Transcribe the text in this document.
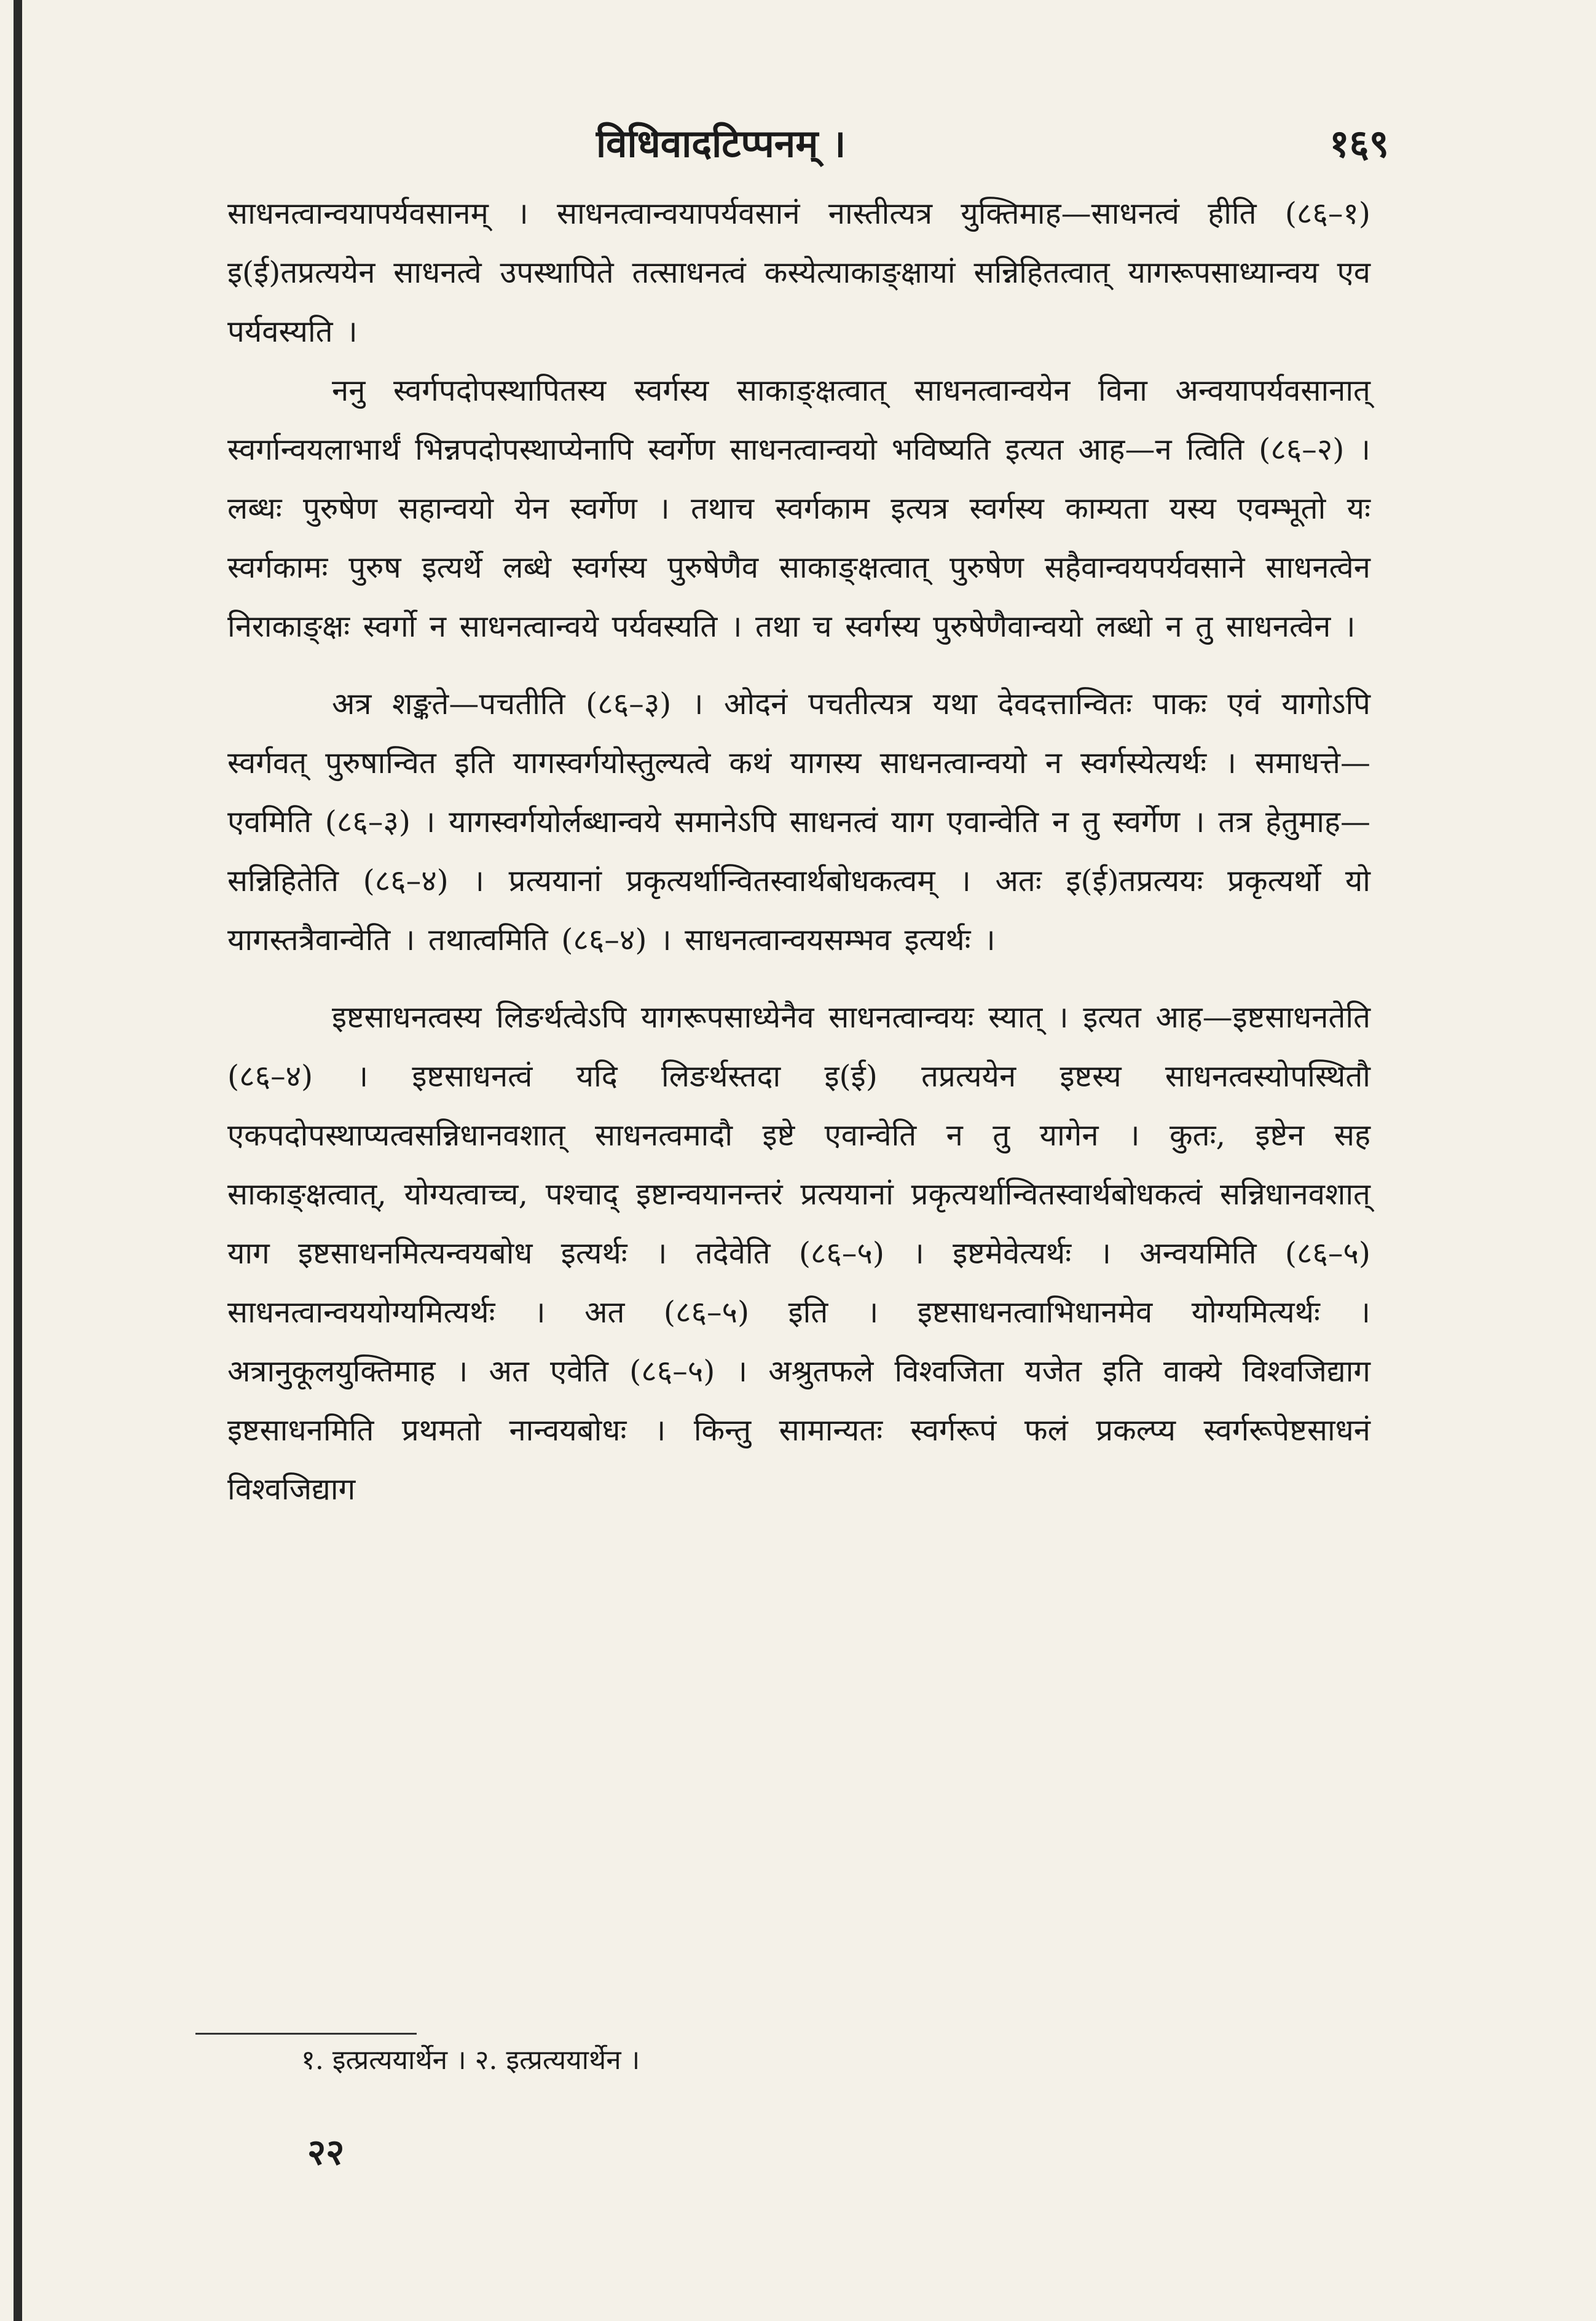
विधिवादटिप्पनम् ।	१६९

साधनत्वान्वयापर्यवसानम् । साधनत्वान्वयापर्यवसानं नास्तीत्यत्र युक्तिमाह—साधनत्वं हीति (८६–१) इ(ई)तप्रत्ययेन साधनत्वे उपस्थापिते तत्साधनत्वं कस्येत्याकाङ्क्षायां सन्निहितत्वात् यागरूपसाध्यान्वय एव पर्यवस्यति ।

ननु स्वर्गपदोपस्थापितस्य स्वर्गस्य साकाङ्क्षत्वात् साधनत्वान्वयेन विना अन्वयापर्यवसानात् स्वर्गान्वयलाभार्थं भिन्नपदोपस्थाप्येनापि स्वर्गेण साधनत्वान्वयो भविष्यति इत्यत आह—न त्विति (८६–२) । लब्धः पुरुषेण सहान्वयो येन स्वर्गेण । तथाच स्वर्गकाम इत्यत्र स्वर्गस्य काम्यता यस्य एवम्भूतो यः स्वर्गकामः पुरुष इत्यर्थे लब्धे स्वर्गस्य पुरुषेणैव साकाङ्क्षत्वात् पुरुषेण सहैवान्वयपर्यवसाने साधनत्वेन निराकाङ्क्षः स्वर्गो न साधनत्वान्वये पर्यवस्यति । तथा च स्वर्गस्य पुरुषेणैवान्वयो लब्धो न तु साधनत्वेन ।

अत्र शङ्कते—पचतीति (८६–३) । ओदनं पचतीत्यत्र यथा देवदत्तान्वितः पाकः एवं यागोऽपि स्वर्गवत् पुरुषान्वित इति यागस्वर्गयोस्तुल्यत्वे कथं यागस्य साधनत्वान्वयो न स्वर्गस्येत्यर्थः । समाधत्ते—एवमिति (८६–३) । यागस्वर्गयोर्लब्धान्वये समानेऽपि साधनत्वं याग एवान्वेति न तु स्वर्गेण । तत्र हेतुमाह—सन्निहितेति (८६–४) । प्रत्ययानां प्रकृत्यर्थान्वितस्वार्थबोधकत्वम् । अतः इ(ई)तप्रत्ययः प्रकृत्यर्थो यो यागस्तत्रैवान्वेति । तथात्वमिति (८६–४) । साधनत्वान्वयसम्भव इत्यर्थः ।

इष्टसाधनत्वस्य लिङर्थत्वेऽपि यागरूपसाध्येनैव साधनत्वान्वयः स्यात् । इत्यत आह—इष्टसाधनतेति (८६–४) । इष्टसाधनत्वं यदि लिङर्थस्तदा इ(ई) तप्रत्ययेन इष्टस्य साधनत्वस्योपस्थितौ एकपदोपस्थाप्यत्वसन्निधानवशात् साधनत्वमादौ इष्टे एवान्वेति न तु यागेन । कुतः, इष्टेन सह साकाङ्क्षत्वात्, योग्यत्वाच्च, पश्चाद् इष्टान्वयानन्तरं प्रत्ययानां प्रकृत्यर्थान्वितस्वार्थबोधकत्वं सन्निधानवशात् याग इष्टसाधनमित्यन्वयबोध इत्यर्थः । तदेवेति (८६–५) । इष्टमेवेत्यर्थः । अन्वयमिति (८६–५) साधनत्वान्वययोग्यमित्यर्थः । अत (८६–५) इति । इष्टसाधनत्वाभिधानमेव योग्यमित्यर्थः । अत्रानुकूलयुक्तिमाह । अत एवेति (८६–५) । अश्रुतफले विश्वजिता यजेत इति वाक्ये विश्वजिद्याग इष्टसाधनमिति प्रथमतो नान्वयबोधः । किन्तु सामान्यतः स्वर्गरूपं फलं प्रकल्प्य स्वर्गरूपेष्टसाधनं विश्वजिद्याग

१. इत्प्रत्ययार्थेन । २. इत्प्रत्ययार्थेन ।
२२
